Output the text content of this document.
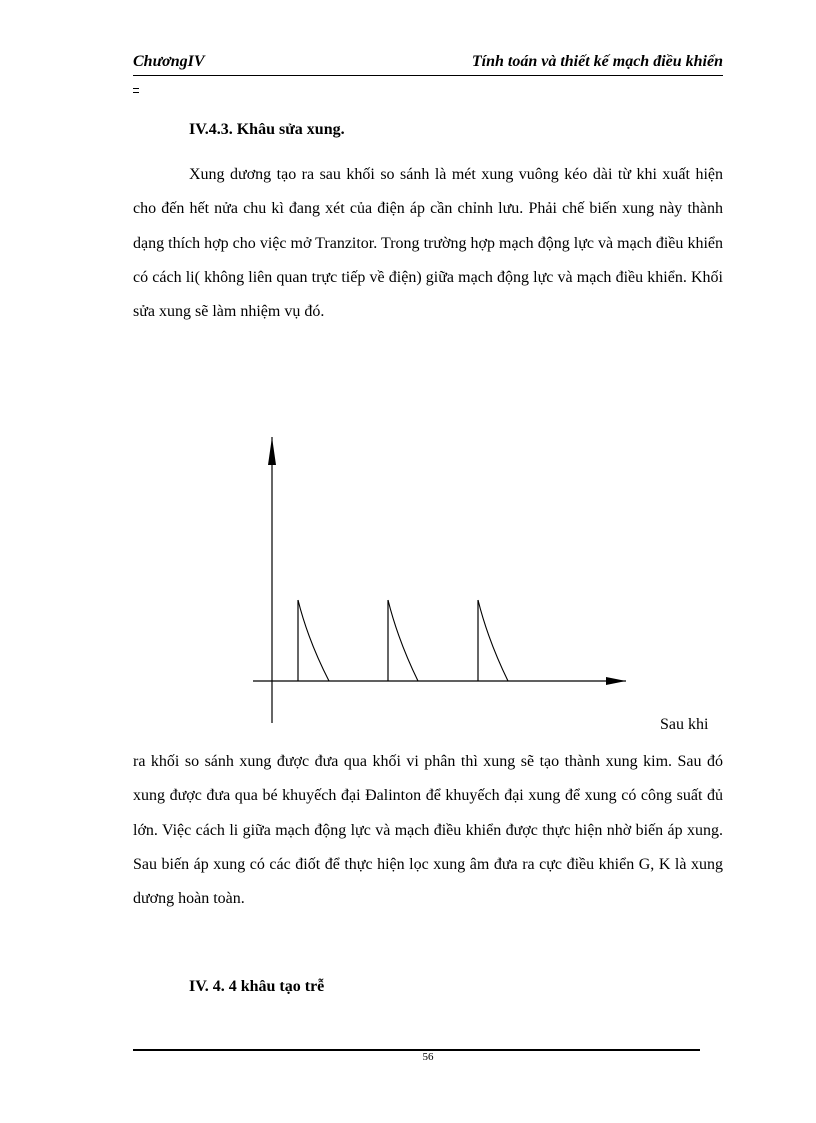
ChươngIV	Tính toán và thiết kế mạch điều khiển
IV.4.3. Khâu sửa xung.
Xung dương tạo ra sau khối so sánh là mét xung vuông kéo dài từ khi xuất hiện cho đến hết nửa chu kì đang xét của điện áp cần chỉnh lưu. Phải chế biến xung này thành dạng thích hợp cho việc mở Tranzitor. Trong trường hợp mạch động lực và mạch điều khiển có cách li( không liên quan trực tiếp về điện) giữa mạch động lực và mạch điều khiển. Khối sửa xung sẽ làm nhiệm vụ đó.
Sau khi
ra khối so sánh xung được đưa qua khối vi phân thì xung sẽ tạo thành xung kim. Sau đó xung được đưa qua bé khuyếch đại Đalinton để khuyếch đại xung để xung có công suất đủ lớn. Việc cách li giữa mạch động lực và mạch điều khiển được thực hiện nhờ biến áp xung. Sau biến áp xung có các điốt để thực hiện lọc xung âm đưa ra cực điều khiển G, K là xung dương hoàn toàn.
IV. 4. 4 khâu tạo trễ
56
